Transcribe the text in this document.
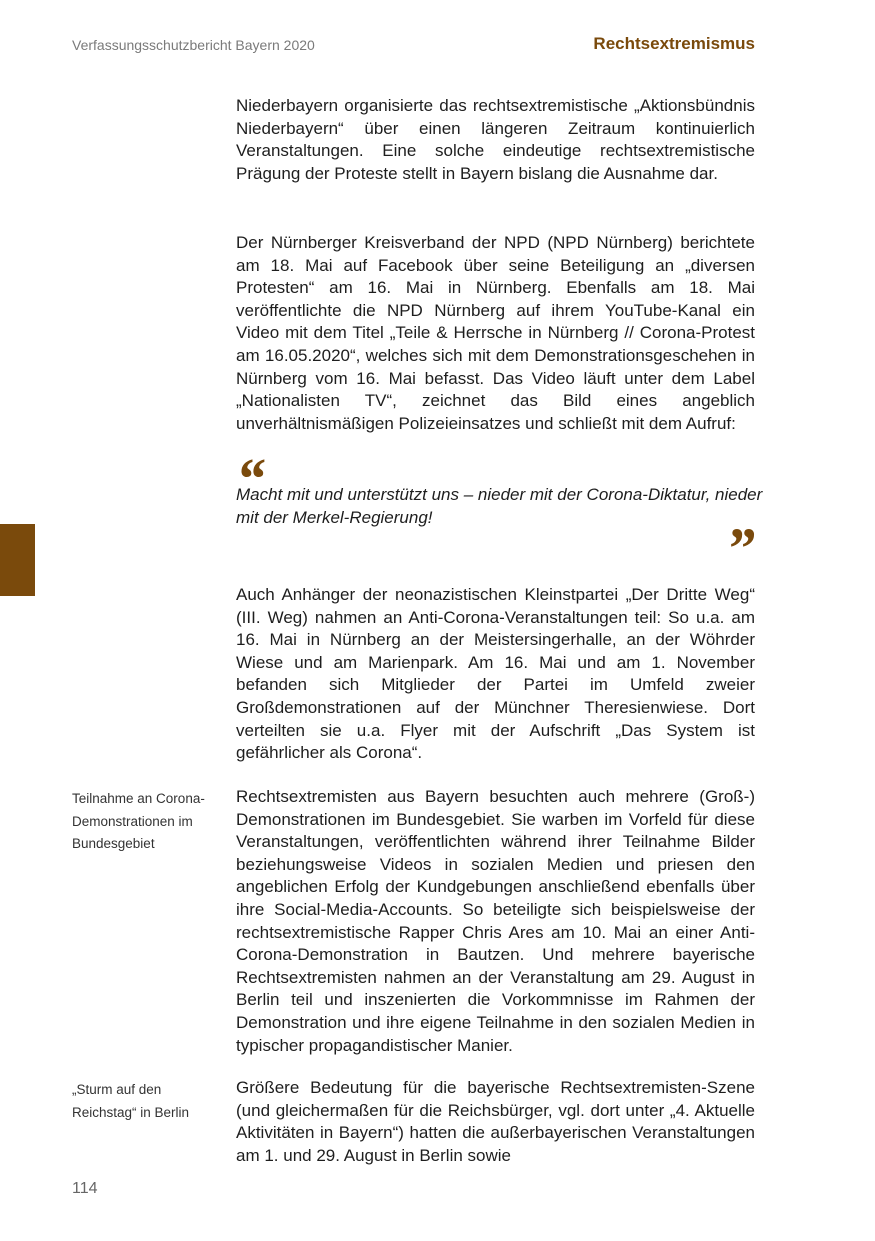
Verfassungsschutzbericht Bayern 2020	Rechtsextremismus

Niederbayern organisierte das rechtsextremistische „Aktionsbündnis Niederbayern“ über einen längeren Zeitraum kontinuierlich Veranstaltungen. Eine solche eindeutige rechtsextremistische Prägung der Proteste stellt in Bayern bislang die Ausnahme dar.

Der Nürnberger Kreisverband der NPD (NPD Nürnberg) berichtete am 18. Mai auf Facebook über seine Beteiligung an „diversen Protesten“ am 16. Mai in Nürnberg. Ebenfalls am 18. Mai veröffentlichte die NPD Nürnberg auf ihrem YouTube-Kanal ein Video mit dem Titel „Teile & Herrsche in Nürnberg // Corona-Protest am 16.05.2020“, welches sich mit dem Demonstrationsgeschehen in Nürnberg vom 16. Mai befasst. Das Video läuft unter dem Label „Nationalisten TV“, zeichnet das Bild eines angeblich unverhältnismäßigen Polizeieinsatzes und schließt mit dem Aufruf:

“

Macht mit und unterstützt uns – nieder mit der Corona-Diktatur, nieder mit der Merkel-Regierung!	”

Auch Anhänger der neonazistischen Kleinstpartei „Der Dritte Weg“ (III. Weg) nahmen an Anti-Corona-Veranstaltungen teil: So u.a. am 16. Mai in Nürnberg an der Meistersingerhalle, an der Wöhrder Wiese und am Marienpark. Am 16. Mai und am 1. November befanden sich Mitglieder der Partei im Umfeld zweier Großdemonstrationen auf der Münchner Theresienwiese. Dort verteilten sie u.a. Flyer mit der Aufschrift „Das System ist gefährlicher als Corona“.

Teilnahme an Corona-Demonstrationen im Bundesgebiet

Rechtsextremisten aus Bayern besuchten auch mehrere (Groß-) Demonstrationen im Bundesgebiet. Sie warben im Vorfeld für diese Veranstaltungen, veröffentlichten während ihrer Teilnahme Bilder beziehungsweise Videos in sozialen Medien und priesen den angeblichen Erfolg der Kundgebungen anschließend ebenfalls über ihre Social-Media-Accounts. So beteiligte sich beispielsweise der rechtsextremistische Rapper Chris Ares am 10. Mai an einer Anti-Corona-Demonstration in Bautzen. Und mehrere bayerische Rechtsextremisten nahmen an der Veranstaltung am 29. August in Berlin teil und inszenierten die Vorkommnisse im Rahmen der Demonstration und ihre eigene Teilnahme in den sozialen Medien in typischer propagandistischer Manier.

„Sturm auf den Reichstag“ in Berlin

Größere Bedeutung für die bayerische Rechtsextremisten-Szene (und gleichermaßen für die Reichsbürger, vgl. dort unter „4. Aktuelle Aktivitäten in Bayern“) hatten die außerbayerischen Veranstaltungen am 1. und 29. August in Berlin sowie

114
